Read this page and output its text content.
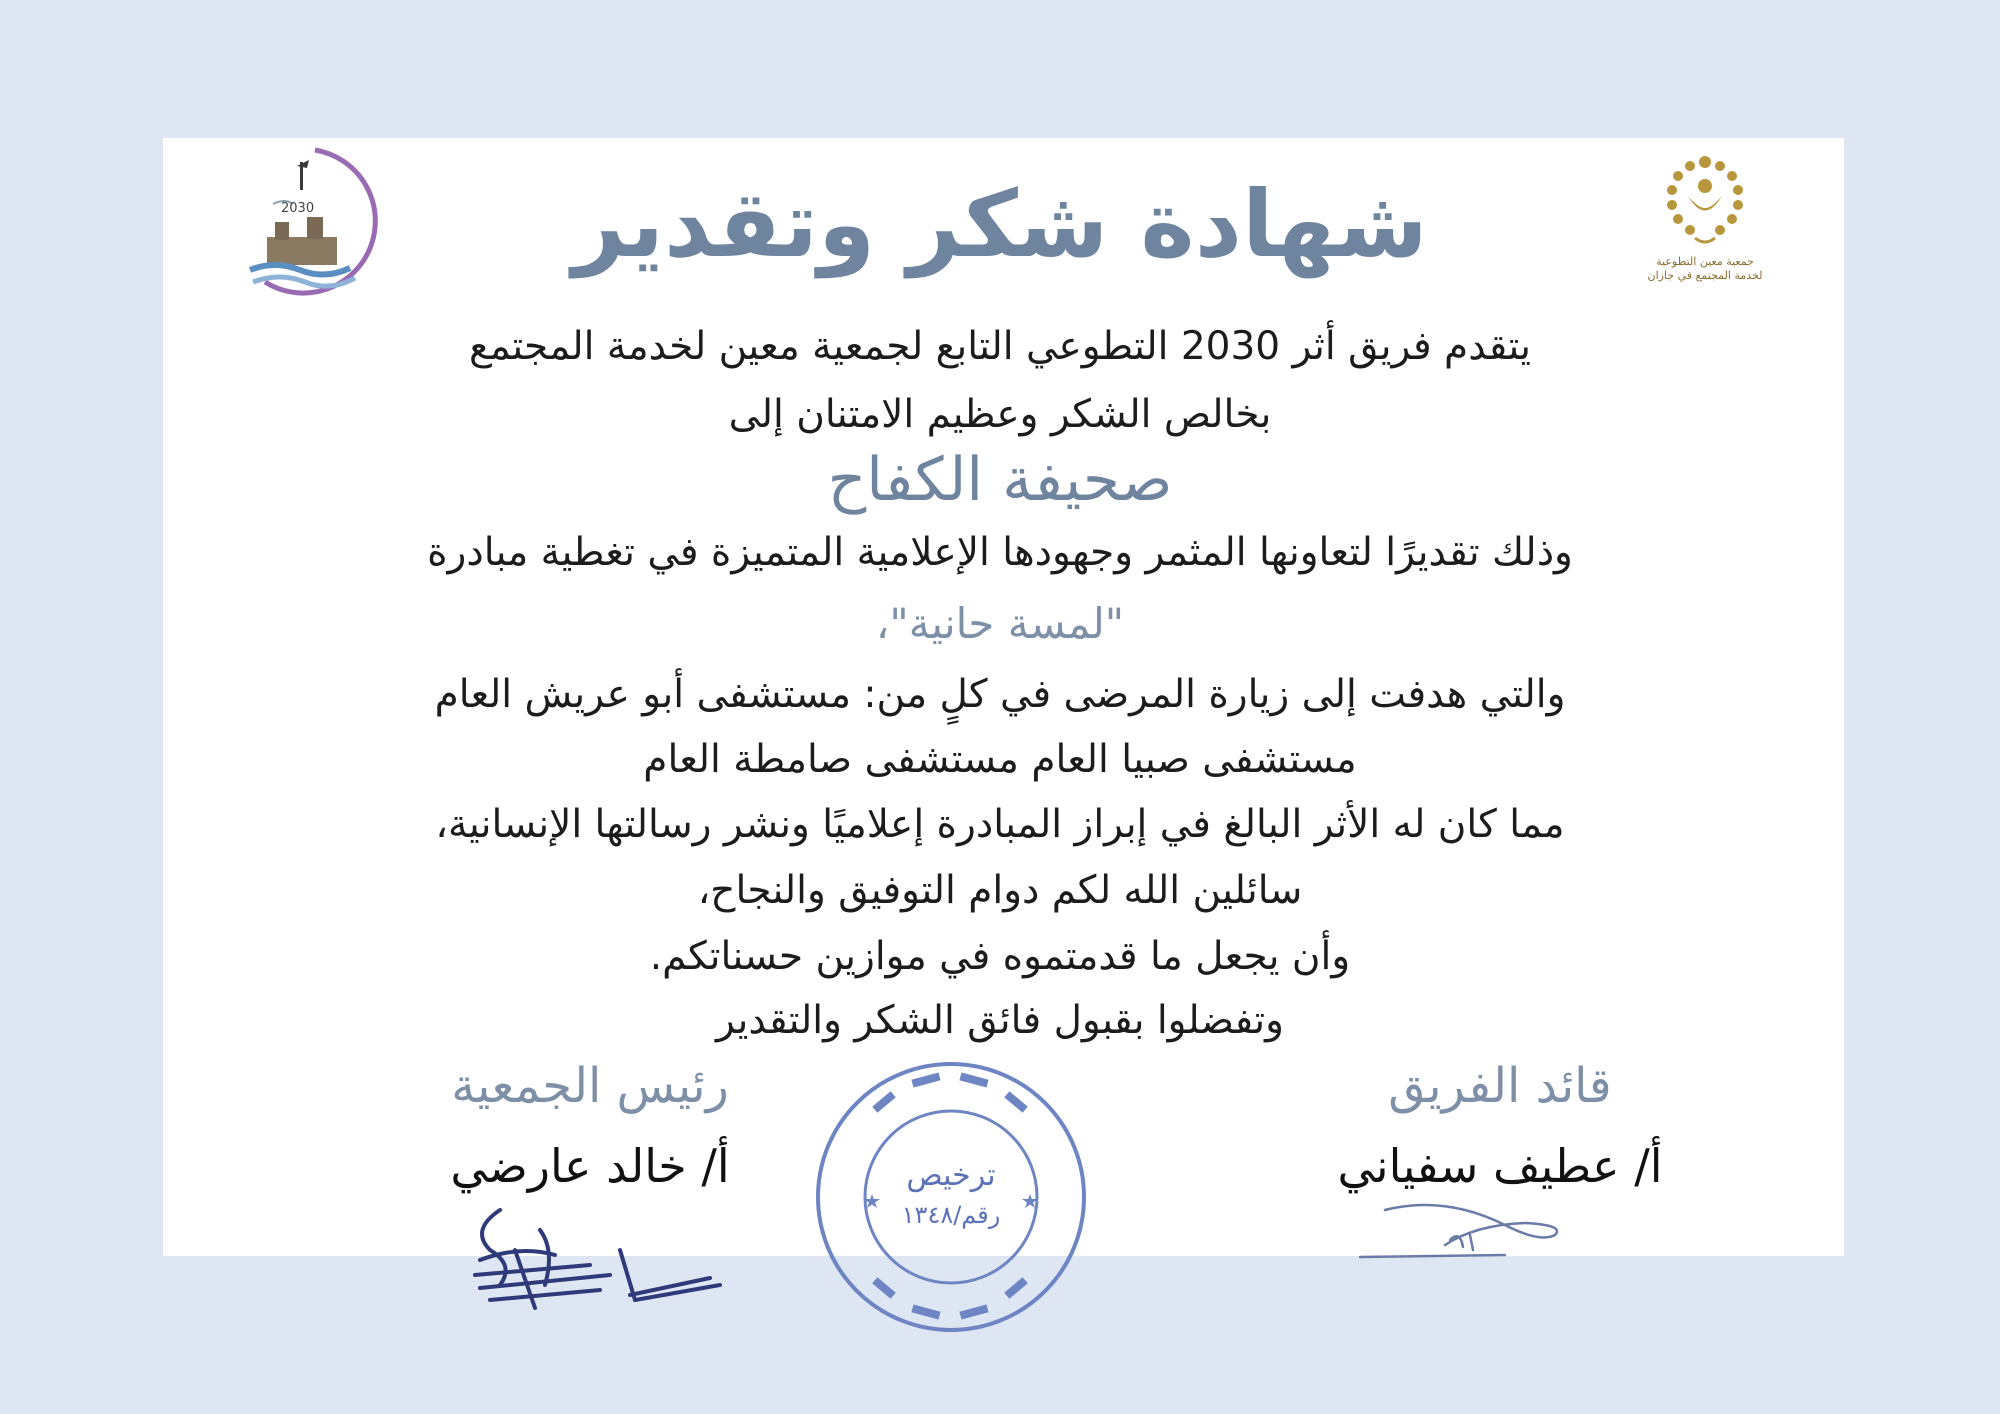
2030
جمعية معين التطوعية
لخدمة المجتمع في جازان
شهادة شكر وتقدير
يتقدم فريق أثر 2030 التطوعي التابع لجمعية معين لخدمة المجتمع
بخالص الشكر وعظيم الامتنان إلى
صحيفة الكفاح
وذلك تقديرًا لتعاونها المثمر وجهودها الإعلامية المتميزة في تغطية مبادرة
"لمسة حانية"،
والتي هدفت إلى زيارة المرضى في كلٍ من: مستشفى أبو عريش العام
مستشفى صبيا العام مستشفى صامطة العام
مما كان له الأثر البالغ في إبراز المبادرة إعلاميًا ونشر رسالتها الإنسانية،
سائلين الله لكم دوام التوفيق والنجاح،
وأن يجعل ما قدمتموه في موازين حسناتكم.
وتفضلوا بقبول فائق الشكر والتقدير
قائد الفريق
أ/ عطيف سفياني
رئيس الجمعية
أ/ خالد عارضي	ترخيص
رقم/١٣٤٨
